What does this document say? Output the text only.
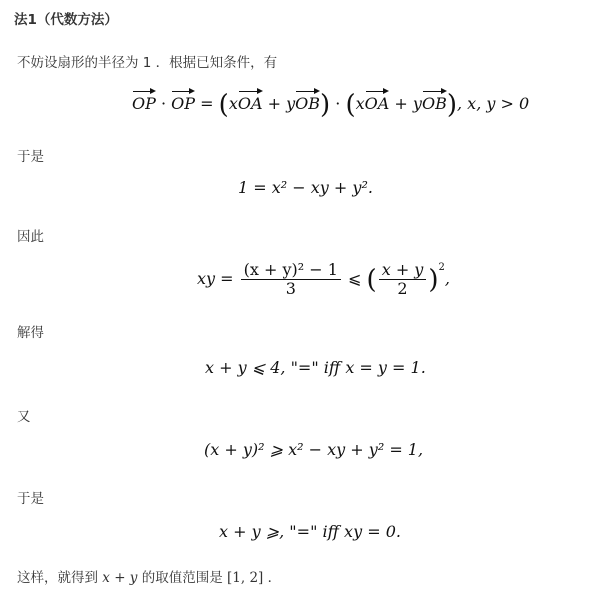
法1（代数方法）
不妨设扇形的半径为 1 ．根据已知条件，有
OP · OP = (xOA + yOB) · (xOA + yOB), x, y > 0
于是
1 = x² − xy + y².
因此
xy = $\frac{\text{(x + y)² − 1}}{3}$ ⩽ ( $\frac{x + y}{2} )^2$,
解得
x + y ⩽ 4, "=" iff x = y = 1.
又
(x + y)² ⩾ x² − xy + y² = 1,
于是
x + y ⩾, "=" iff xy = 0.
这样，就得到 x + y 的取值范围是 [1, 2] ．
